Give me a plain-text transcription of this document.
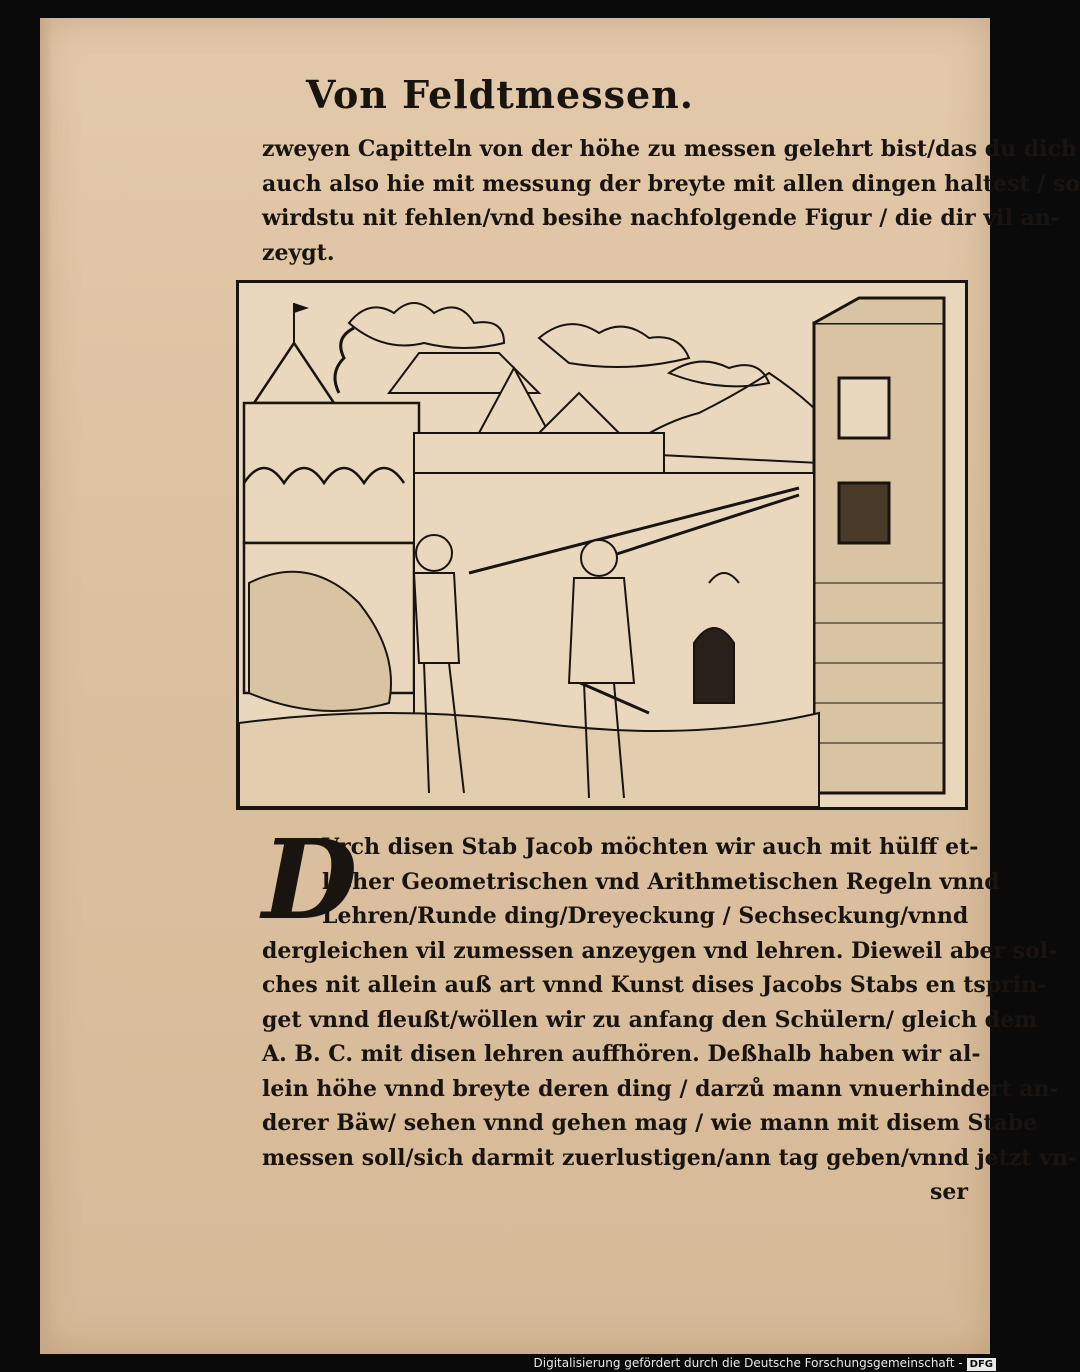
Von Feldtmessen.
zweyen Capitteln von der höhe zu messen gelehrt bist/das du dich
auch also hie mit messung der breyte mit allen dingen haltest / so
wirdstu nit fehlen/vnd besihe nachfolgende Figur / die dir vil an-
zeygt.
D
Vrch disen Stab Jacob möchten wir auch mit hülff et-
licher Geometrischen vnd Arithmetischen Regeln vnnd
Lehren/Runde ding/Dreyeckung / Sechseckung/vnnd
dergleichen vil zumessen anzeygen vnd lehren. Dieweil aber sol-
ches nit allein auß art vnnd Kunst dises Jacobs Stabs en tsprin-
get vnnd fleußt/wöllen wir zu anfang den Schülern/ gleich dem
A. B. C. mit disen lehren auffhören. Deßhalb haben wir al-
lein höhe vnnd breyte deren ding / darzů mann vnuerhindert an-
derer Bäw/ sehen vnnd gehen mag / wie mann mit disem Stabe
messen soll/sich darmit zuerlustigen/ann tag geben/vnnd jetzt vn-
ser
Digitalisierung gefördert durch die Deutsche Forschungsgemeinschaft - DFG
